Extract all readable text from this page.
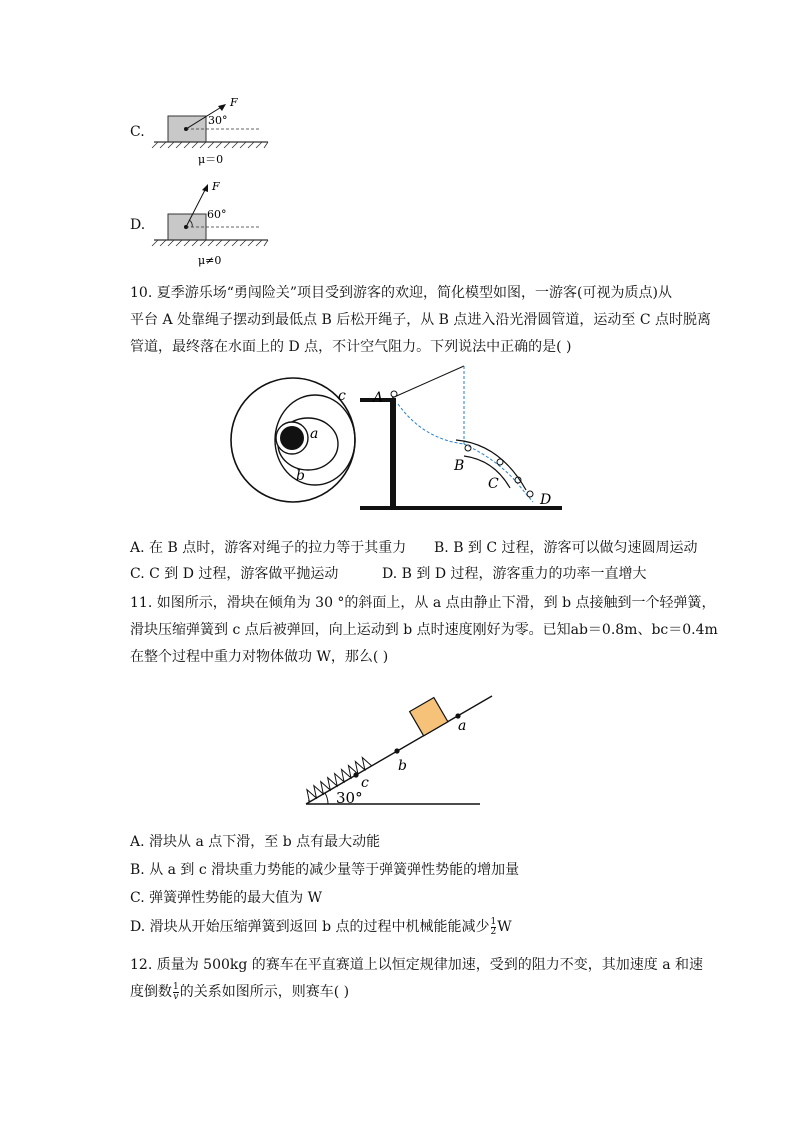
C.
F
30°
μ＝0
D.
F
60°
μ≠0
10. 夏季游乐场“勇闯险关”项目受到游客的欢迎，简化模型如图，一游客(可视为质点)从
平台 A 处靠绳子摆动到最低点 B 后松开绳子，从 B 点进入沿光滑圆管道，运动至 C 点时脱离
管道，最终落在水面上的 D 点，不计空气阻力。下列说法中正确的是( )
c
a
b
A
B
C
D
A. 在 B 点时，游客对绳子的拉力等于其重力 B. B 到 C 过程，游客可以做匀速圆周运动
C. C 到 D 过程，游客做平抛运动	D. B 到 D 过程，游客重力的功率一直增大
11. 如图所示，滑块在倾角为 30 °的斜面上，从 a 点由静止下滑，到 b 点接触到一个轻弹簧，
滑块压缩弹簧到 c 点后被弹回，向上运动到 b 点时速度刚好为零。已知ab＝0.8m、bc＝0.4m
在整个过程中重力对物体做功 W，那么( )
c
b
a
30°
A. 滑块从 a 点下滑，至 b 点有最大动能
B. 从 a 到 c 滑块重力势能的减少量等于弹簧弹性势能的增加量
C. 弹簧弹性势能的最大值为 W
D. 滑块从开始压缩弹簧到返回 b 点的过程中机械能能减少 $\frac{1}{2}$ W
12. 质量为 500kg 的赛车在平直赛道上以恒定规律加速，受到的阻力不变，其加速度 a 和速
度倒数 $\frac{1}{v}$ 的关系如图所示，则赛车( )
